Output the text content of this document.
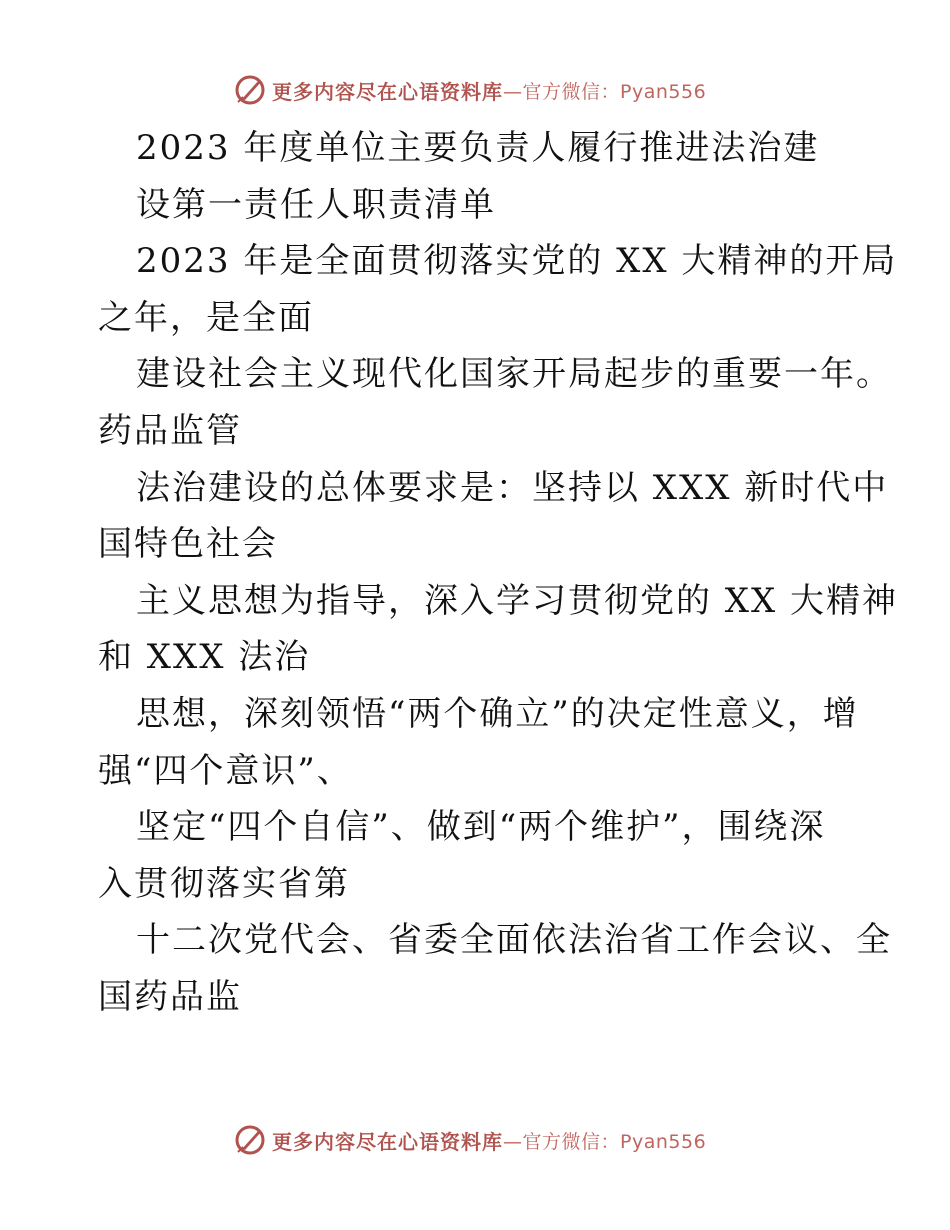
更多内容尽在心语资料库 —官方微信：Pyan556
2023 年度单位主要负责人履行推进法治建
设第一责任人职责清单
2023 年是全面贯彻落实党的 XX 大精神的开局
之年，是全面
建设社会主义现代化国家开局起步的重要一年。
药品监管
法治建设的总体要求是：坚持以 XXX 新时代中
国特色社会
主义思想为指导，深入学习贯彻党的 XX 大精神
和 XXX 法治
思想，深刻领悟“两个确立”的决定性意义，增
强“四个意识”、
坚定“四个自信”、做到“两个维护”，围绕深
入贯彻落实省第
十二次党代会、省委全面依法治省工作会议、全
国药品监
更多内容尽在心语资料库 —官方微信：Pyan556
